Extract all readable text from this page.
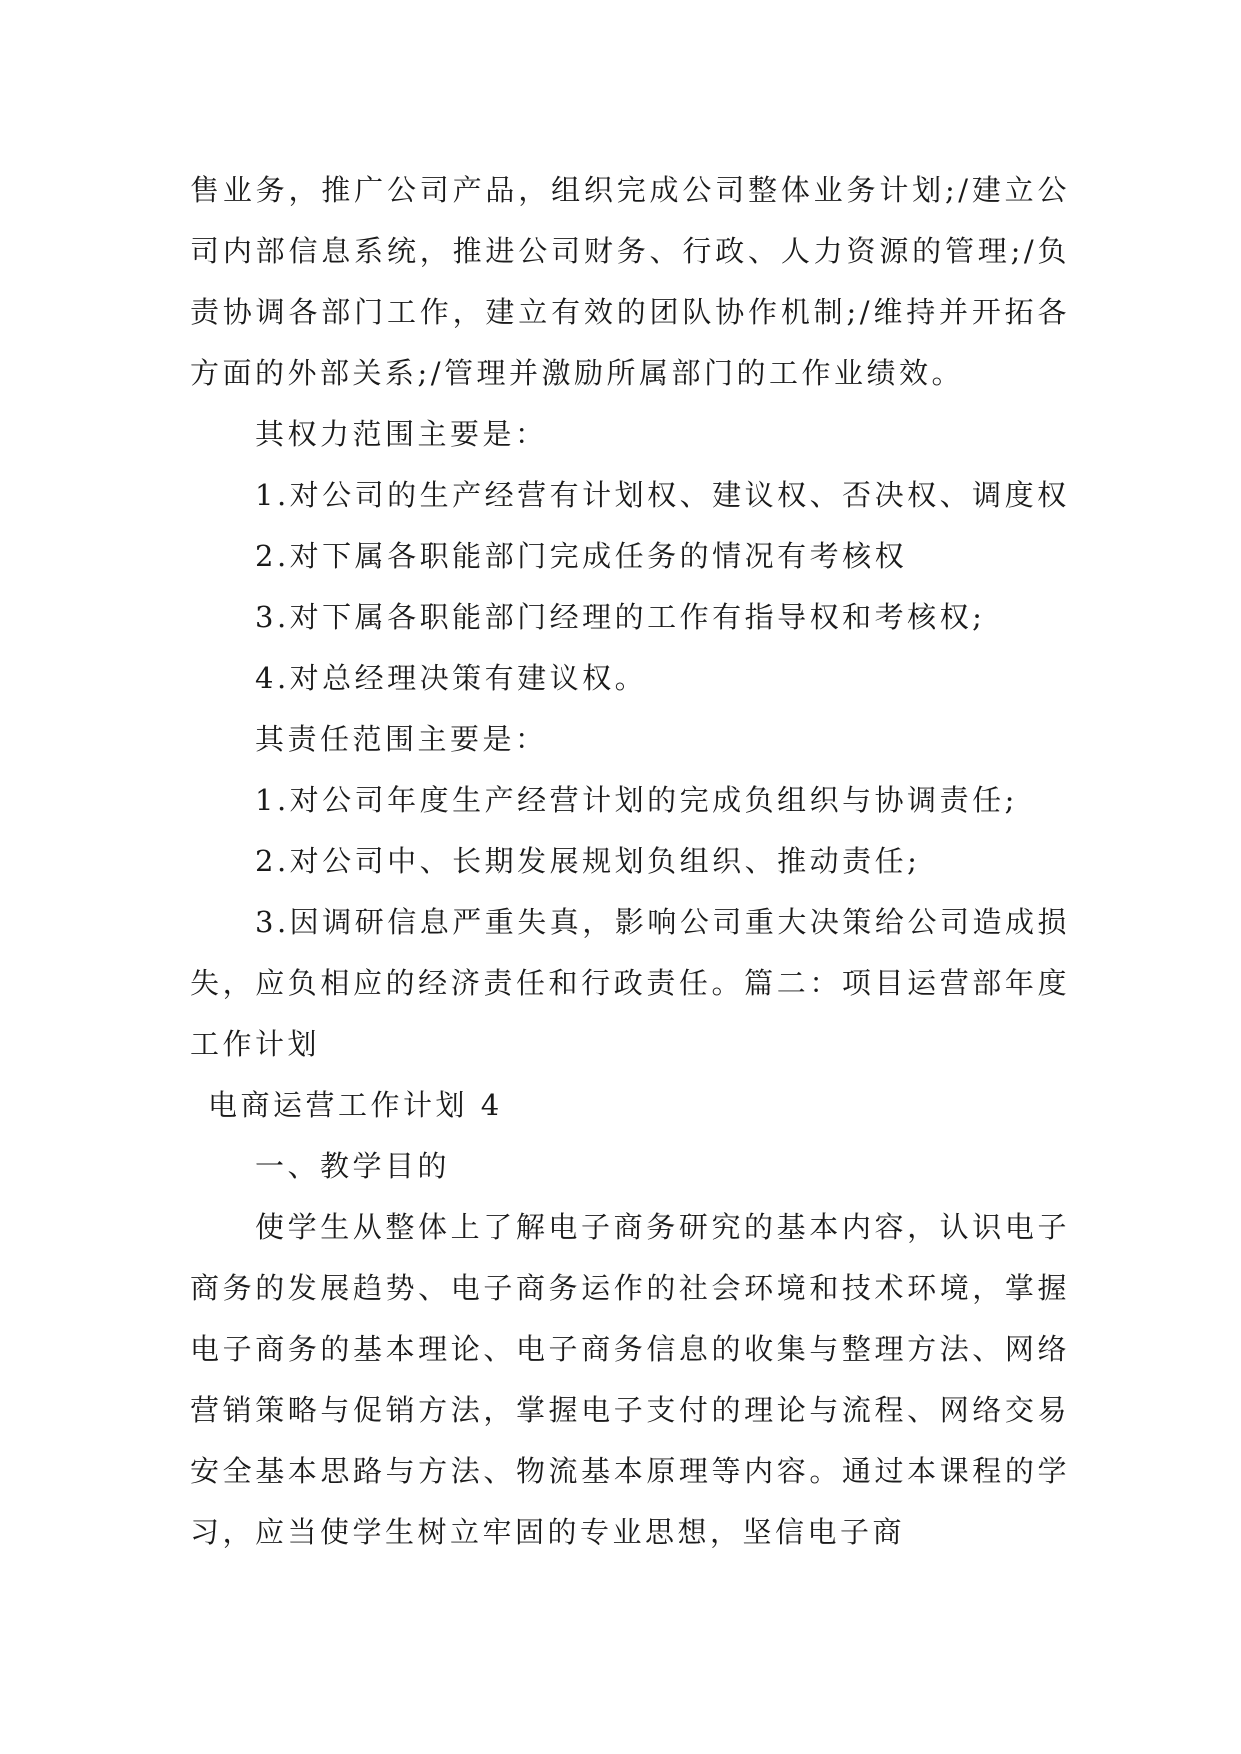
售业务，推广公司产品，组织完成公司整体业务计划;/建立公司内部信息系统，推进公司财务、行政、人力资源的管理;/负责协调各部门工作，建立有效的团队协作机制;/维持并开拓各方面的外部关系;/管理并激励所属部门的工作业绩效。

其权力范围主要是：

1.对公司的生产经营有计划权、建议权、否决权、调度权

2.对下属各职能部门完成任务的情况有考核权

3.对下属各职能部门经理的工作有指导权和考核权;

4.对总经理决策有建议权。

其责任范围主要是：

1.对公司年度生产经营计划的完成负组织与协调责任;

2.对公司中、长期发展规划负组织、推动责任;

3.因调研信息严重失真，影响公司重大决策给公司造成损失，应负相应的经济责任和行政责任。篇二：项目运营部年度工作计划

电商运营工作计划 4

一、教学目的

使学生从整体上了解电子商务研究的基本内容，认识电子商务的发展趋势、电子商务运作的社会环境和技术环境，掌握电子商务的基本理论、电子商务信息的收集与整理方法、网络营销策略与促销方法，掌握电子支付的理论与流程、网络交易安全基本思路与方法、物流基本原理等内容。通过本课程的学习，应当使学生树立牢固的专业思想，坚信电子商
